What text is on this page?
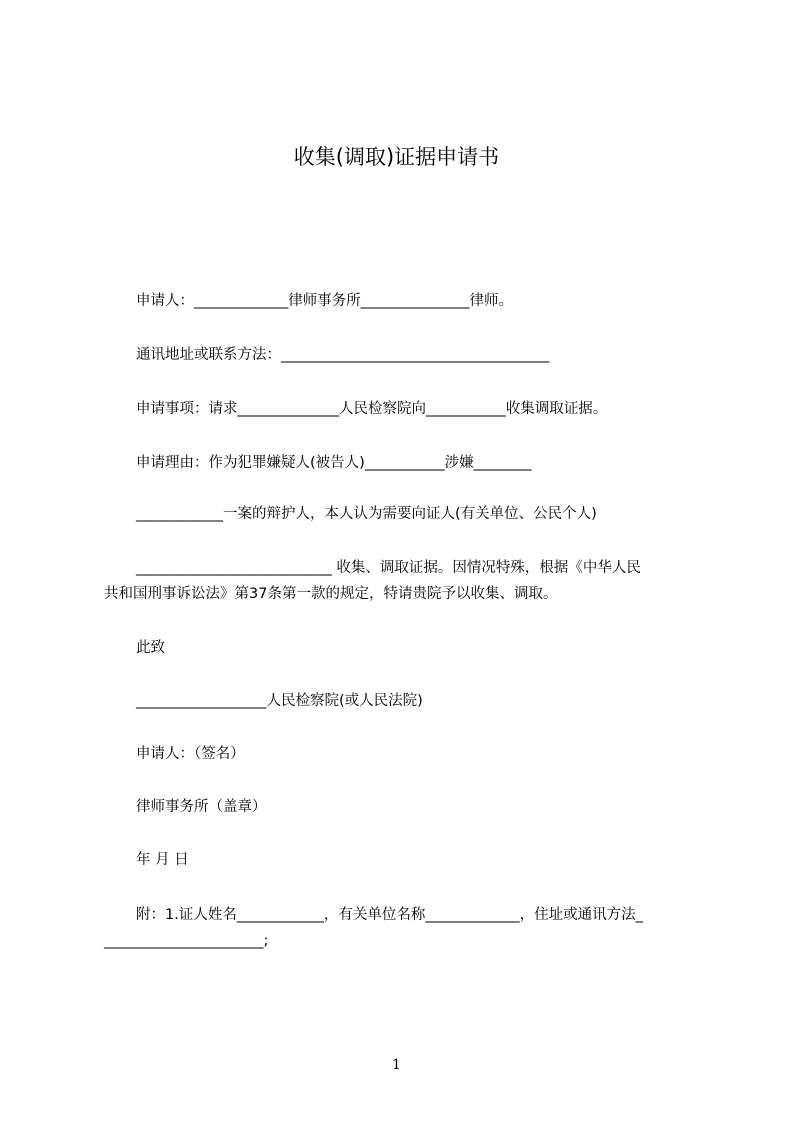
收集(调取)证据申请书
申请人：_____________律师事务所_______________律师。
通讯地址或联系方法：_____________________________________
申请事项：请求______________人民检察院向___________收集调取证据。
申请理由：作为犯罪嫌疑人(被告人)___________涉嫌________
____________一案的辩护人，本人认为需要向证人(有关单位、公民个人)
___________________________ 收集、调取证据。因情况特殊，根据《中华人民
共和国刑事诉讼法》第37条第一款的规定，特请贵院予以收集、调取。
此致
__________________人民检察院(或人民法院)
申请人：（签名）
律师事务所（盖章）
年 月 日
附：1.证人姓名____________，有关单位名称_____________，住址或通讯方法_
______________________;
1
